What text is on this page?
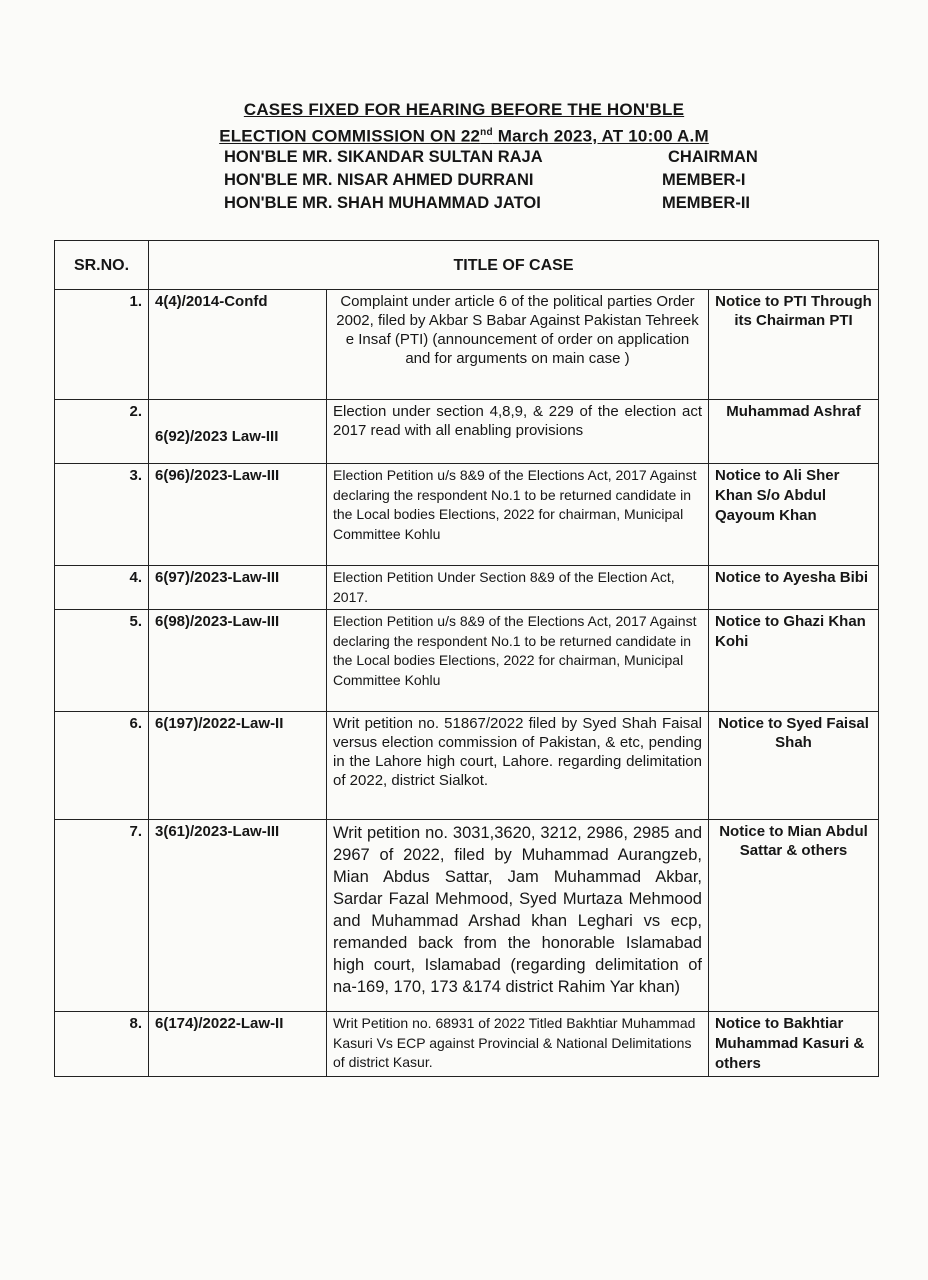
CASES FIXED FOR HEARING BEFORE THE HON'BLE
ELECTION COMMISSION ON 22nd March 2023, AT 10:00 A.M
HON'BLE MR. SIKANDAR SULTAN RAJA	CHAIRMAN
HON'BLE MR. NISAR AHMED DURRANI	MEMBER-I
HON'BLE MR. SHAH MUHAMMAD JATOI	MEMBER-II
SR.NO.	TITLE OF CASE		
1.	4(4)/2014-Confd	Complaint under article 6 of the political parties Order 2002, filed by Akbar S Babar Against Pakistan Tehreek e Insaf (PTI) (announcement of order on application and for arguments on main case )	Notice to PTI Through its Chairman PTI
2.	6(92)/2023 Law-III	Election under section 4,8,9, & 229 of the election act 2017 read with all enabling provisions	Muhammad Ashraf
3.	6(96)/2023-Law-III	Election Petition u/s 8&9 of the Elections Act, 2017 Against declaring the respondent No.1 to be returned candidate in the Local bodies Elections, 2022 for chairman, Municipal Committee Kohlu	Notice to Ali Sher Khan S/o Abdul Qayoum Khan
4.	6(97)/2023-Law-III	Election Petition Under Section 8&9 of the Election Act, 2017.	Notice to Ayesha Bibi
5.	6(98)/2023-Law-III	Election Petition u/s 8&9 of the Elections Act, 2017 Against declaring the respondent No.1 to be returned candidate in the Local bodies Elections, 2022 for chairman, Municipal Committee Kohlu	Notice to Ghazi Khan Kohi
6.	6(197)/2022-Law-II	Writ petition no. 51867/2022 filed by Syed Shah Faisal versus election commission of Pakistan, & etc, pending in the Lahore high court, Lahore. regarding delimitation of 2022, district Sialkot.	Notice to Syed Faisal Shah
7.	3(61)/2023-Law-III	Writ petition no. 3031,3620, 3212, 2986, 2985 and 2967 of 2022, filed by Muhammad Aurangzeb, Mian Abdus Sattar, Jam Muhammad Akbar, Sardar Fazal Mehmood, Syed Murtaza Mehmood and Muhammad Arshad khan Leghari vs ecp, remanded back from the honorable Islamabad high court, Islamabad (regarding delimitation of na-169, 170, 173 &174 district Rahim Yar khan)	Notice to Mian Abdul Sattar & others
8.	6(174)/2022-Law-II	Writ Petition no. 68931 of 2022 Titled Bakhtiar Muhammad Kasuri Vs ECP against Provincial & National Delimitations of district Kasur.	Notice to Bakhtiar Muhammad Kasuri & others
